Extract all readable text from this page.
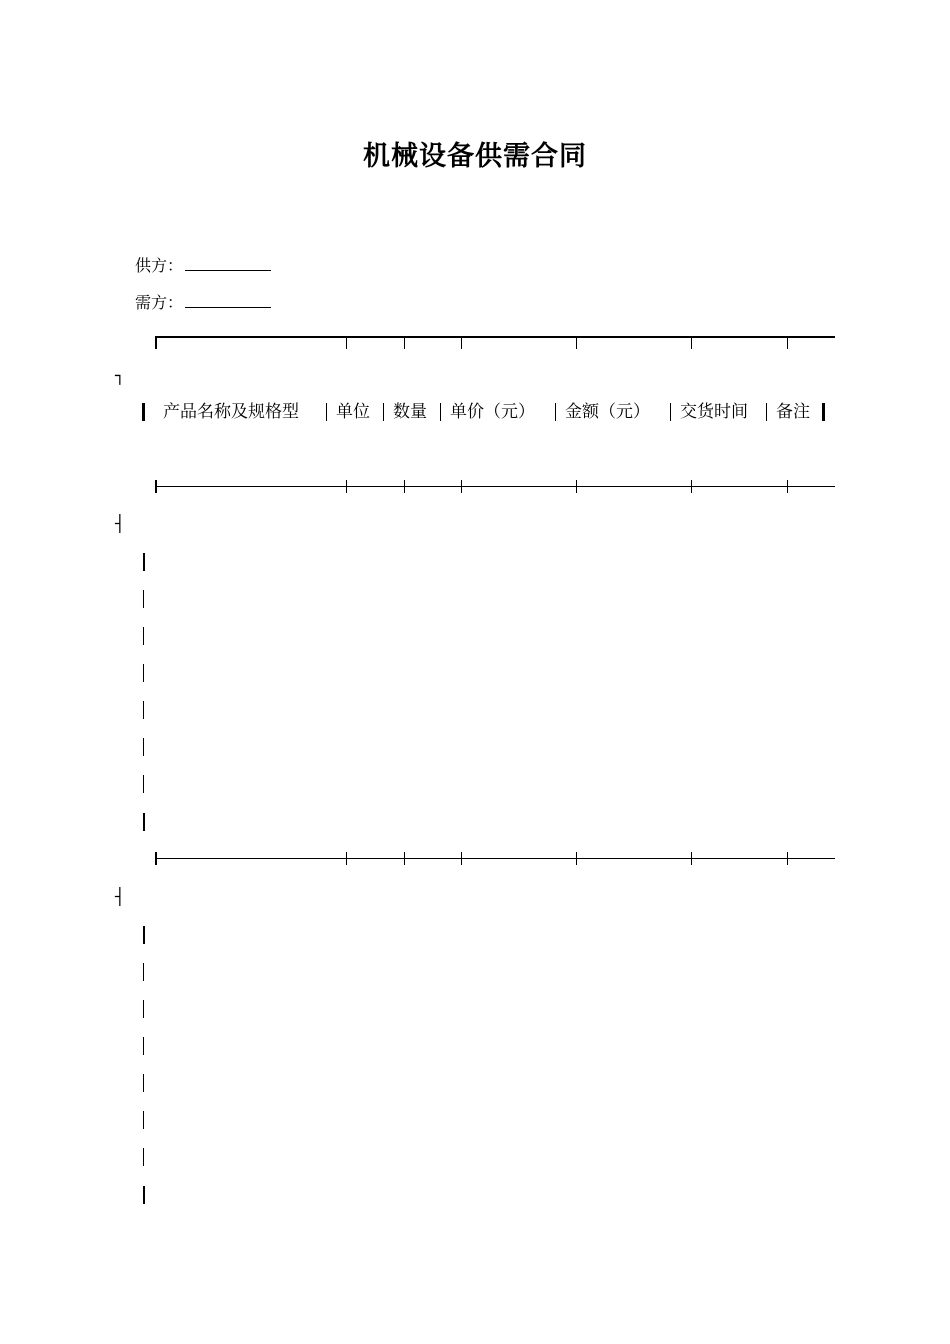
机械设备供需合同
供方：
需方：
┐
产品名称及规格型 单位 数量 单价（元） 金额（元） 交货时间 备注
┤
┤
